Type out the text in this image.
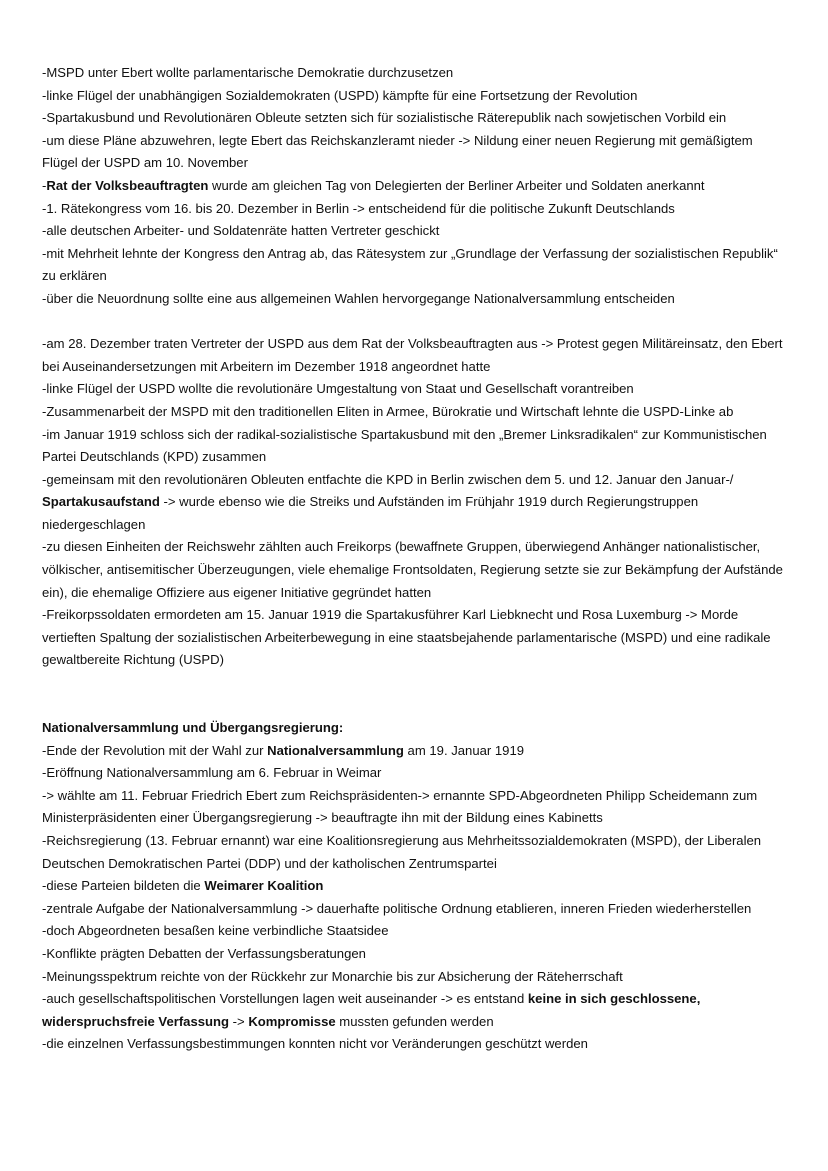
-MSPD unter Ebert wollte parlamentarische Demokratie durchzusetzen

-linke Flügel der unabhängigen Sozialdemokraten (USPD) kämpfte für eine Fortsetzung der Revolution

-Spartakusbund und Revolutionären Obleute setzten sich für sozialistische Räterepublik nach sowjetischen Vorbild ein

-um diese Pläne abzuwehren, legte Ebert das Reichskanzleramt nieder -> Nildung einer neuen Regierung mit gemäßigtem Flügel der USPD am 10. November

-Rat der Volksbeauftragten wurde am gleichen Tag von Delegierten der Berliner Arbeiter und Soldaten anerkannt

-1. Rätekongress vom 16. bis 20. Dezember in Berlin -> entscheidend für die politische Zukunft Deutschlands

-alle deutschen Arbeiter- und Soldatenräte hatten Vertreter geschickt

-mit Mehrheit lehnte der Kongress den Antrag ab, das Rätesystem zur „Grundlage der Verfassung der sozialistischen Republik“ zu erklären

-über die Neuordnung sollte eine aus allgemeinen Wahlen hervorgegange Nationalversammlung entscheiden

-am 28. Dezember traten Vertreter der USPD aus dem Rat der Volksbeauftragten aus -> Protest gegen Militäreinsatz, den Ebert bei Auseinandersetzungen mit Arbeitern im Dezember 1918 angeordnet hatte

-linke Flügel der USPD wollte die revolutionäre Umgestaltung von Staat und Gesellschaft vorantreiben

-Zusammenarbeit der MSPD mit den traditionellen Eliten in Armee, Bürokratie und Wirtschaft lehnte die USPD-Linke ab

-im Januar 1919 schloss sich der radikal-sozialistische Spartakusbund mit den „Bremer Linksradikalen“ zur Kommunistischen Partei Deutschlands (KPD) zusammen

-gemeinsam mit den revolutionären Obleuten entfachte die KPD in Berlin zwischen dem 5. und 12. Januar den Januar-/ Spartakusaufstand -> wurde ebenso wie die Streiks und Aufständen im Frühjahr 1919 durch Regierungstruppen niedergeschlagen

-zu diesen Einheiten der Reichswehr zählten auch Freikorps (bewaffnete Gruppen, überwiegend Anhänger nationalistischer, völkischer, antisemitischer Überzeugungen, viele ehemalige Frontsoldaten, Regierung setzte sie zur Bekämpfung der Aufstände ein), die ehemalige Offiziere aus eigener Initiative gegründet hatten

-Freikorpssoldaten ermordeten am 15. Januar 1919 die Spartakusführer Karl Liebknecht und Rosa Luxemburg -> Morde vertieften Spaltung der sozialistischen Arbeiterbewegung in eine staatsbejahende parlamentarische (MSPD) und eine radikale gewaltbereite Richtung (USPD)

Nationalversammlung und Übergangsregierung:

-Ende der Revolution mit der Wahl zur Nationalversammlung am 19. Januar 1919

-Eröffnung Nationalversammlung am 6. Februar in Weimar

-> wählte am 11. Februar Friedrich Ebert zum Reichspräsidenten-> ernannte SPD-Abgeordneten Philipp Scheidemann zum Ministerpräsidenten einer Übergangsregierung -> beauftragte ihn mit der Bildung eines Kabinetts

-Reichsregierung (13. Februar ernannt) war eine Koalitionsregierung aus Mehrheitssozialdemokraten (MSPD), der Liberalen Deutschen Demokratischen Partei (DDP) und der katholischen Zentrumspartei

-diese Parteien bildeten die Weimarer Koalition

-zentrale Aufgabe der Nationalversammlung -> dauerhafte politische Ordnung etablieren, inneren Frieden wiederherstellen

-doch Abgeordneten besaßen keine verbindliche Staatsidee

-Konflikte prägten Debatten der Verfassungsberatungen

-Meinungsspektrum reichte von der Rückkehr zur Monarchie bis zur Absicherung der Räteherrschaft

-auch gesellschaftspolitischen Vorstellungen lagen weit auseinander -> es entstand keine in sich geschlossene, widerspruchsfreie Verfassung -> Kompromisse mussten gefunden werden

-die einzelnen Verfassungsbestimmungen konnten nicht vor Veränderungen geschützt werden
